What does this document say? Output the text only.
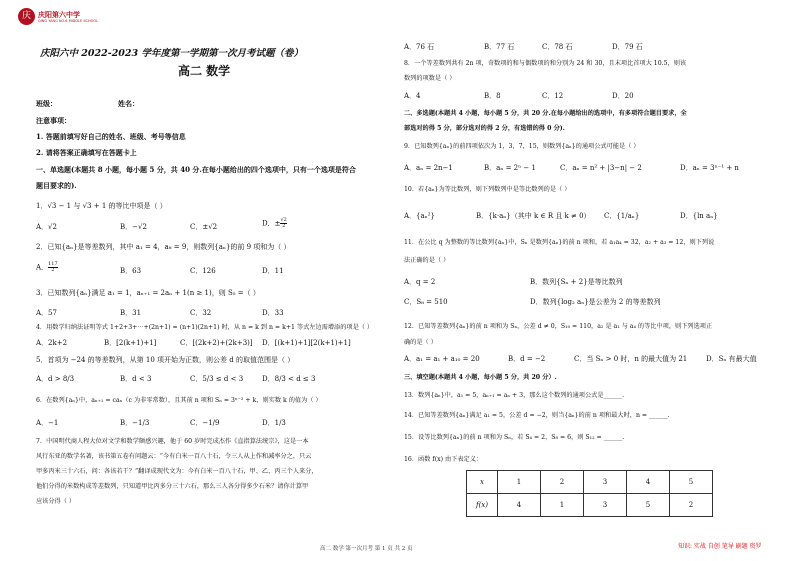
庆	庆阳第六中学
QING YANG NO.6 MIDDLE SCHOOL
庆阳六中 2022-2023 学年度第一学期第一次月考试题（卷）
高二 数学
班级：	姓名：
注意事项：
1. 答题前填写好自己的姓名、班级、考号等信息
2. 请将答案正确填写在答题卡上
一、单选题(本题共 8 小题，每小题 5 分，共 40 分.在每小题给出的四个选项中，只有一个选项是符合
题目要求的).
1．√3 − 1 与 √3 + 1 的等比中项是（ ）
A．√2	B．−√2	C．±√2	D．± $\frac{√2}{2}$
2．已知{aₙ}是等差数列，其中 a₁ = 4，a₈ = 9，则数列{aₙ}的前 9 项和为（ ）
A． $\frac{117}{2}$	B．63	C．126	D．11
3．已知数列{aₙ}满足 a₁ = 1，aₙ₊₁ = 2aₙ + 1(n ≥ 1)，则 S₅ =（ ）
A．57	B．31	C．32	D．33
4．用数学归纳法证明等式 1+2+3+⋯+(2n+1) = (n+1)(2n+1) 时，从 n = k 到 n = k+1 等式左边需增添的项是（ ）
A．2k+2	B．[2(k+1)+1]	C．[(2k+2)+(2k+3)] D．[(k+1)+1][2(k+1)+1]
5．首项为 −24 的等差数列，从第 10 项开始为正数，则公差 d 的取值范围是（ ）
A．d > 8/3	B．d < 3	C．5/3 ≤ d < 3	D．8/3 < d ≤ 3
6．在数列{aₙ}中，aₙ₊₁ = caₙ（c 为非零常数），且其前 n 项和 Sₙ = 3ⁿ⁻² + k，则实数 k 的值为（ ）
A．−1	B．−1/3	C．−1/9	D．1/3
7．中国明代商人程大位对文学和数学颇感兴趣，他于 60 岁时完成杰作《直指算法统宗》，这是一本
风行东亚的数学名著，该书第五卷有问题云：“今有白米一百八十石，令三人从上作和减率分之，只云
甲多丙米三十六石，问：各该若干？”翻译成现代文为：今有白米一百八十石，甲、乙、丙三个人来分，
他们分得的米数构成等差数列，只知道甲比丙多分三十六石，那么三人各分得多少石米？请你计算甲
应该分得（ ）
A．76 石	B．77 石	C．78 石	D．79 石
8．一个等差数列共有 2n 项，奇数项的和与偶数项的和分别为 24 和 30，且末项比首项大 10.5，则该
数列的项数是（ ）
A．4	B．8	C．12	D．20
二、多选题(本题共 4 小题，每小题 5 分，共 20 分.在每小题给出的选项中，有多项符合题目要求，全
部选对的得 5 分，部分选对的得 2 分，有选错的得 0 分).
9．已知数列{aₙ}的前四项依次为 1，3，7，15，则数列{aₙ}的通项公式可能是（ ）
A．aₙ = 2n−1	B．aₙ = 2ⁿ − 1	C．aₙ = n² + |3−n| − 2	D．aₙ = 3ⁿ⁻¹ + n
10．若{aₙ}为等比数列，则下列数列中是等比数列的是（ ）
A．{aₙ²}	B．{k·aₙ}（其中 k ∈ R 且 k ≠ 0） C．{1/aₙ}	D．{ln aₙ}
11．在公比 q 为整数的等比数列{aₙ}中，Sₙ 是数列{aₙ}的前 n 项和，若 a₁a₄ = 32，a₂ + a₃ = 12，则下列说
法正确的是（ ）
A．q = 2	B．数列{Sₙ + 2}是等比数列
C．S₈ = 510	D．数列{log₂ aₙ}是公差为 2 的等差数列
12．已知等差数列{aₙ}的前 n 项和为 Sₙ，公差 d ≠ 0，S₁₀ = 110，a₂ 是 a₁ 与 a₄ 的等比中项，则下列选项正
确的是（ ）
A．a₁ = a₁ + a₁₀ = 20	B．d = −2	C．当 Sₙ > 0 时，n 的最大值为 21	D．Sₙ 有最大值
三、填空题(本题共 4 小题，每小题 5 分，共 20 分）.
13．数列{aₙ}中，a₁ = 5，aₙ₊₁ = aₙ + 3，那么这个数列的通项公式是______.
14．已知等差数列{aₙ}满足 a₁ = 5，公差 d = −2，则当{aₙ}的前 n 项和最大时，n = ______.
15．设等比数列{aₙ}的前 n 项和为 Sₙ，若 S₄ = 2，S₈ = 6，则 S₁₂ = ______.
16．函数 f(x) 由下表定义：
x	1	2	3	4	5
f(x)	4	1	3	5	2
高二 数学 第一次月考 第 1 页 共 2 页	知识: 实战 自创 笔导 刷题 资罗
